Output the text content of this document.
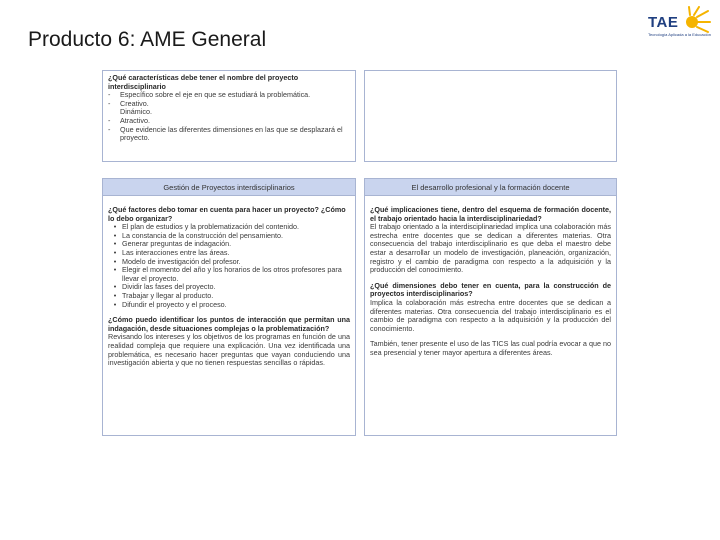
Producto 6: AME General
TAE
Tecnología Aplicada a la Educación
¿Qué características debe tener el nombre del proyecto interdisciplinario
-	Específico sobre el eje en que se estudiará la problemática.
-	Creativo.
Dinámico.
-	Atractivo.
-	Que evidencie las diferentes dimensiones en las que se desplazará el proyecto.
Gestión de Proyectos interdisciplinarios
¿Qué factores debo tomar en cuenta para hacer un proyecto? ¿Cómo lo debo organizar?
• El plan de estudios y la problematización del contenido.
• La constancia de la construcción del pensamiento.
• Generar preguntas de indagación.
• Las interacciones entre las áreas.
• Modelo de investigación del profesor.
• Elegir el momento del año y los horarios de los otros profesores para llevar el proyecto.
• Dividir las fases del proyecto.
• Trabajar y llegar al producto.
• Difundir el proyecto y el proceso.
¿Cómo puedo identificar los puntos de interacción que permitan una indagación, desde situaciones complejas o la problematización?
Revisando los intereses y los objetivos de los programas en función de una realidad compleja que requiere una explicación. Una vez identificada una problemática, es necesario hacer preguntas que vayan conduciendo una investigación abierta y que no tienen respuestas sencillas o rápidas.
El desarrollo profesional y la formación docente
¿Qué implicaciones tiene, dentro del esquema de formación docente, el trabajo orientado hacia la interdisciplinariedad?
El trabajo orientado a la interdisciplinariedad implica una colaboración más estrecha entre docentes que se dedican a diferentes materias. Otra consecuencia del trabajo interdisciplinario es que deba el maestro debe estar a desarrollar un modelo de investigación, planeación, organización, registro y el cambio de paradigma con respecto a la adquisición y la producción del conocimiento.
¿Qué dimensiones debo tener en cuenta, para la construcción de proyectos interdisciplinarios?
Implica la colaboración más estrecha entre docentes que se dedican a diferentes materias. Otra consecuencia del trabajo interdisciplinario es el cambio de paradigma con respecto a la adquisición y la producción del conocimiento.
También, tener presente el uso de las TICS las cual podría evocar a que no sea presencial y tener mayor apertura a diferentes áreas.
